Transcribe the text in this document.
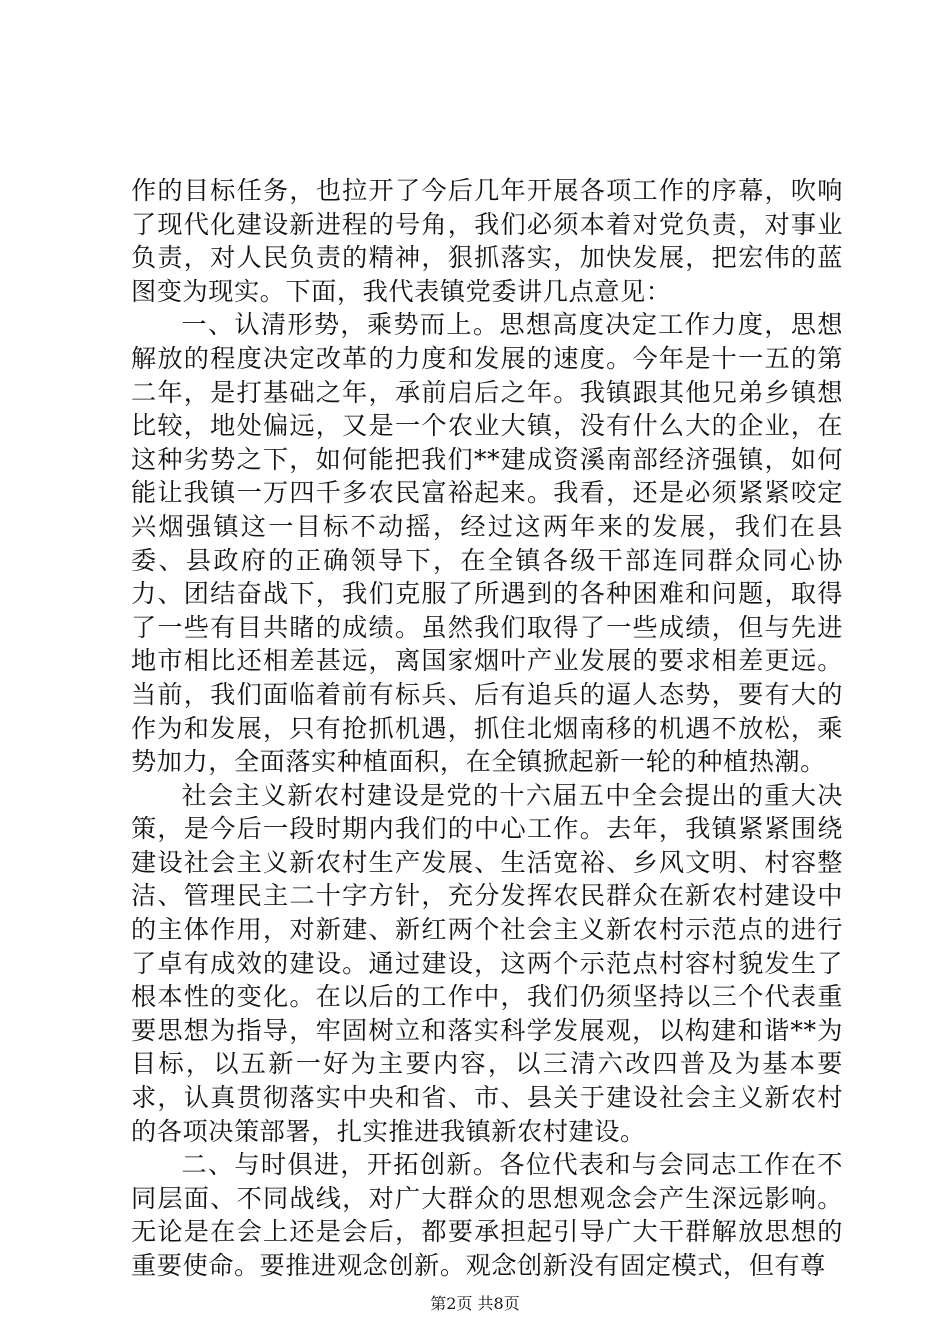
作的目标任务，也拉开了今后几年开展各项工作的序幕，吹响了现代化建设新进程的号角，我们必须本着对党负责，对事业负责，对人民负责的精神，狠抓落实，加快发展，把宏伟的蓝图变为现实。下面，我代表镇党委讲几点意见：

一、认清形势，乘势而上。思想高度决定工作力度，思想解放的程度决定改革的力度和发展的速度。今年是十一五的第二年，是打基础之年，承前启后之年。我镇跟其他兄弟乡镇想比较，地处偏远，又是一个农业大镇，没有什么大的企业，在这种劣势之下，如何能把我们**建成资溪南部经济强镇，如何能让我镇一万四千多农民富裕起来。我看，还是必须紧紧咬定兴烟强镇这一目标不动摇，经过这两年来的发展，我们在县委、县政府的正确领导下，在全镇各级干部连同群众同心协力、团结奋战下，我们克服了所遇到的各种困难和问题，取得了一些有目共睹的成绩。虽然我们取得了一些成绩，但与先进地市相比还相差甚远，离国家烟叶产业发展的要求相差更远。当前，我们面临着前有标兵、后有追兵的逼人态势，要有大的作为和发展，只有抢抓机遇，抓住北烟南移的机遇不放松，乘势加力，全面落实种植面积，在全镇掀起新一轮的种植热潮。

社会主义新农村建设是党的十六届五中全会提出的重大决策，是今后一段时期内我们的中心工作。去年，我镇紧紧围绕建设社会主义新农村生产发展、生活宽裕、乡风文明、村容整洁、管理民主二十字方针，充分发挥农民群众在新农村建设中的主体作用，对新建、新红两个社会主义新农村示范点的进行了卓有成效的建设。通过建设，这两个示范点村容村貌发生了根本性的变化。在以后的工作中，我们仍须坚持以三个代表重要思想为指导，牢固树立和落实科学发展观，以构建和谐**为目标，以五新一好为主要内容，以三清六改四普及为基本要求，认真贯彻落实中央和省、市、县关于建设社会主义新农村的各项决策部署，扎实推进我镇新农村建设。

二、与时俱进，开拓创新。各位代表和与会同志工作在不同层面、不同战线，对广大群众的思想观念会产生深远影响。无论是在会上还是会后，都要承担起引导广大干群解放思想的重要使命。要推进观念创新。观念创新没有固定模式，但有尊

第2页 共8页
